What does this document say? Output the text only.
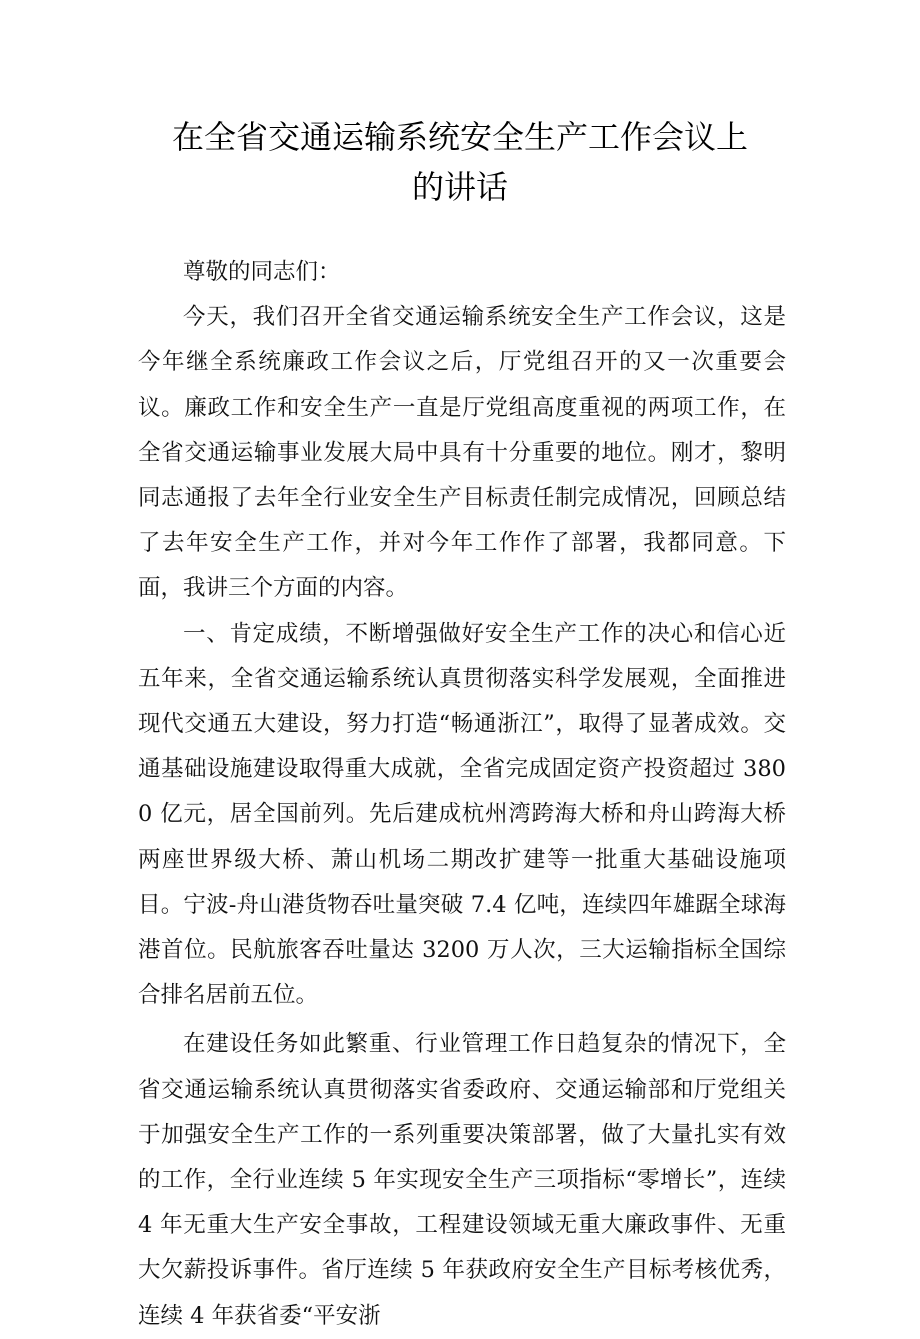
在全省交通运输系统安全生产工作会议上
的讲话

尊敬的同志们：

今天，我们召开全省交通运输系统安全生产工作会议，这是今年继全系统廉政工作会议之后，厅党组召开的又一次重要会议。廉政工作和安全生产一直是厅党组高度重视的两项工作，在全省交通运输事业发展大局中具有十分重要的地位。刚才，黎明同志通报了去年全行业安全生产目标责任制完成情况，回顾总结了去年安全生产工作，并对今年工作作了部署，我都同意。下面，我讲三个方面的内容。

一、肯定成绩，不断增强做好安全生产工作的决心和信心近五年来，全省交通运输系统认真贯彻落实科学发展观，全面推进现代交通五大建设，努力打造“畅通浙江”，取得了显著成效。交通基础设施建设取得重大成就，全省完成固定资产投资超过 3800 亿元，居全国前列。先后建成杭州湾跨海大桥和舟山跨海大桥两座世界级大桥、萧山机场二期改扩建等一批重大基础设施项目。宁波-舟山港货物吞吐量突破 7.4 亿吨，连续四年雄踞全球海港首位。民航旅客吞吐量达 3200 万人次，三大运输指标全国综合排名居前五位。

在建设任务如此繁重、行业管理工作日趋复杂的情况下，全省交通运输系统认真贯彻落实省委政府、交通运输部和厅党组关于加强安全生产工作的一系列重要决策部署，做了大量扎实有效的工作，全行业连续 5 年实现安全生产三项指标“零增长”，连续 4 年无重大生产安全事故，工程建设领域无重大廉政事件、无重大欠薪投诉事件。省厅连续 5 年获政府安全生产目标考核优秀，连续 4 年获省委“平安浙
